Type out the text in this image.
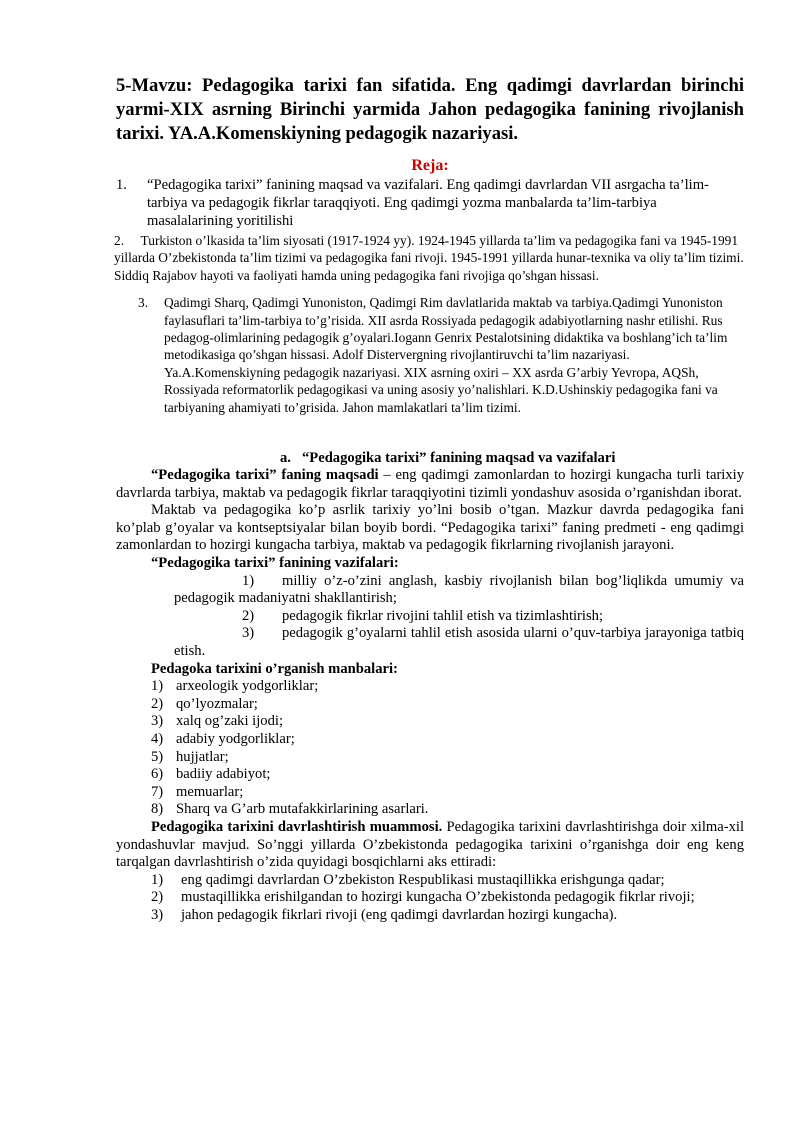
5-Mavzu: Pedagogika tarixi fan sifatida. Eng qadimgi davrlardan birinchi yarmi-XIX asrning Birinchi yarmida Jahon pedagogika fanining rivojlanish tarixi. YA.A.Komenskiyning pedagogik nazariyasi.
Reja:
1.	“Pedagogika tarixi” fanining maqsad va vazifalari. Eng qadimgi davrlardan VII asrgacha ta’lim-tarbiya va pedagogik fikrlar taraqqiyoti. Eng qadimgi yozma manbalarda ta’lim-tarbiya masalalarining yoritilishi
2. Turkiston o’lkasida ta’lim siyosati (1917-1924 yy). 1924-1945 yillarda ta’lim va pedagogika fani va 1945-1991 yillarda O’zbekistonda ta’lim tizimi va pedagogika fani rivoji. 1945-1991 yillarda hunar-texnika va oliy ta’lim tizimi. Siddiq Rajabov hayoti va faoliyati hamda uning pedagogika fani rivojiga qo’shgan hissasi.
3.	Qadimgi Sharq, Qadimgi Yunoniston, Qadimgi Rim davlatlarida maktab va tarbiya.Qadimgi Yunoniston faylasuflari ta’lim-tarbiya to’g’risida. XII asrda Rossiyada pedagogik adabiyotlarning nashr etilishi. Rus pedagog-olimlarining pedagogik g’oyalari.Iogann Genrix Pestalotsining didaktika va boshlang’ich ta’lim metodikasiga qo’shgan hissasi. Adolf Distervergning rivojlantiruvchi ta’lim nazariyasi. Ya.A.Komenskiyning pedagogik nazariyasi. XIX asrning oxiri – XX asrda G’arbiy Yevropa, AQSh, Rossiyada reformatorlik pedagogikasi va uning asosiy yo’nalishlari. K.D.Ushinskiy pedagogika fani va tarbiyaning ahamiyati to’grisida. Jahon mamlakatlari ta’lim tizimi.
a. “Pedagogika tarixi” fanining maqsad va vazifalari

“Pedagogika tarixi” faning maqsadi – eng qadimgi zamonlardan to hozirgi kungacha turli tarixiy davrlarda tarbiya, maktab va pedagogik fikrlar taraqqiyotini tizimli yondashuv asosida o’rganishdan iborat.

Maktab va pedagogika ko’p asrlik tarixiy yo’lni bosib o’tgan. Mazkur davrda pedagogika fani ko’plab g’oyalar va kontseptsiyalar bilan boyib bordi. “Pedagogika tarixi” faning predmeti - eng qadimgi zamonlardan to hozirgi kungacha tarbiya, maktab va pedagogik fikrlarning rivojlanish jarayoni.

“Pedagogika tarixi” fanining vazifalari:
1) milliy o’z-o’zini anglash, kasbiy rivojlanish bilan bog’liqlikda umumiy va pedagogik madaniyatni shakllantirish;
2) pedagogik fikrlar rivojini tahlil etish va tizimlashtirish;
3) pedagogik g’oyalarni tahlil etish asosida ularni o’quv-tarbiya jarayoniga tatbiq etish.
Pedagoka tarixini o’rganish manbalari:
1) arxeologik yodgorliklar;
2) qo’lyozmalar;
3) xalq og’zaki ijodi;
4) adabiy yodgorliklar;
5) hujjatlar;
6) badiiy adabiyot;
7) memuarlar;
8) Sharq va G’arb mutafakkirlarining asarlari.

Pedagogika tarixini davrlashtirish muammosi. Pedagogika tarixini davrlashtirishga doir xilma-xil yondashuvlar mavjud. So’nggi yillarda O’zbekistonda pedagogika tarixini o’rganishga doir eng keng tarqalgan davrlashtirish o’zida quyidagi bosqichlarni aks ettiradi:

1)	eng qadimgi davrlardan O’zbekiston Respublikasi mustaqillikka erishgunga qadar;
2)	mustaqillikka erishilgandan to hozirgi kungacha O’zbekistonda pedagogik fikrlar rivoji;
3)	jahon pedagogik fikrlari rivoji (eng qadimgi davrlardan hozirgi kungacha).
